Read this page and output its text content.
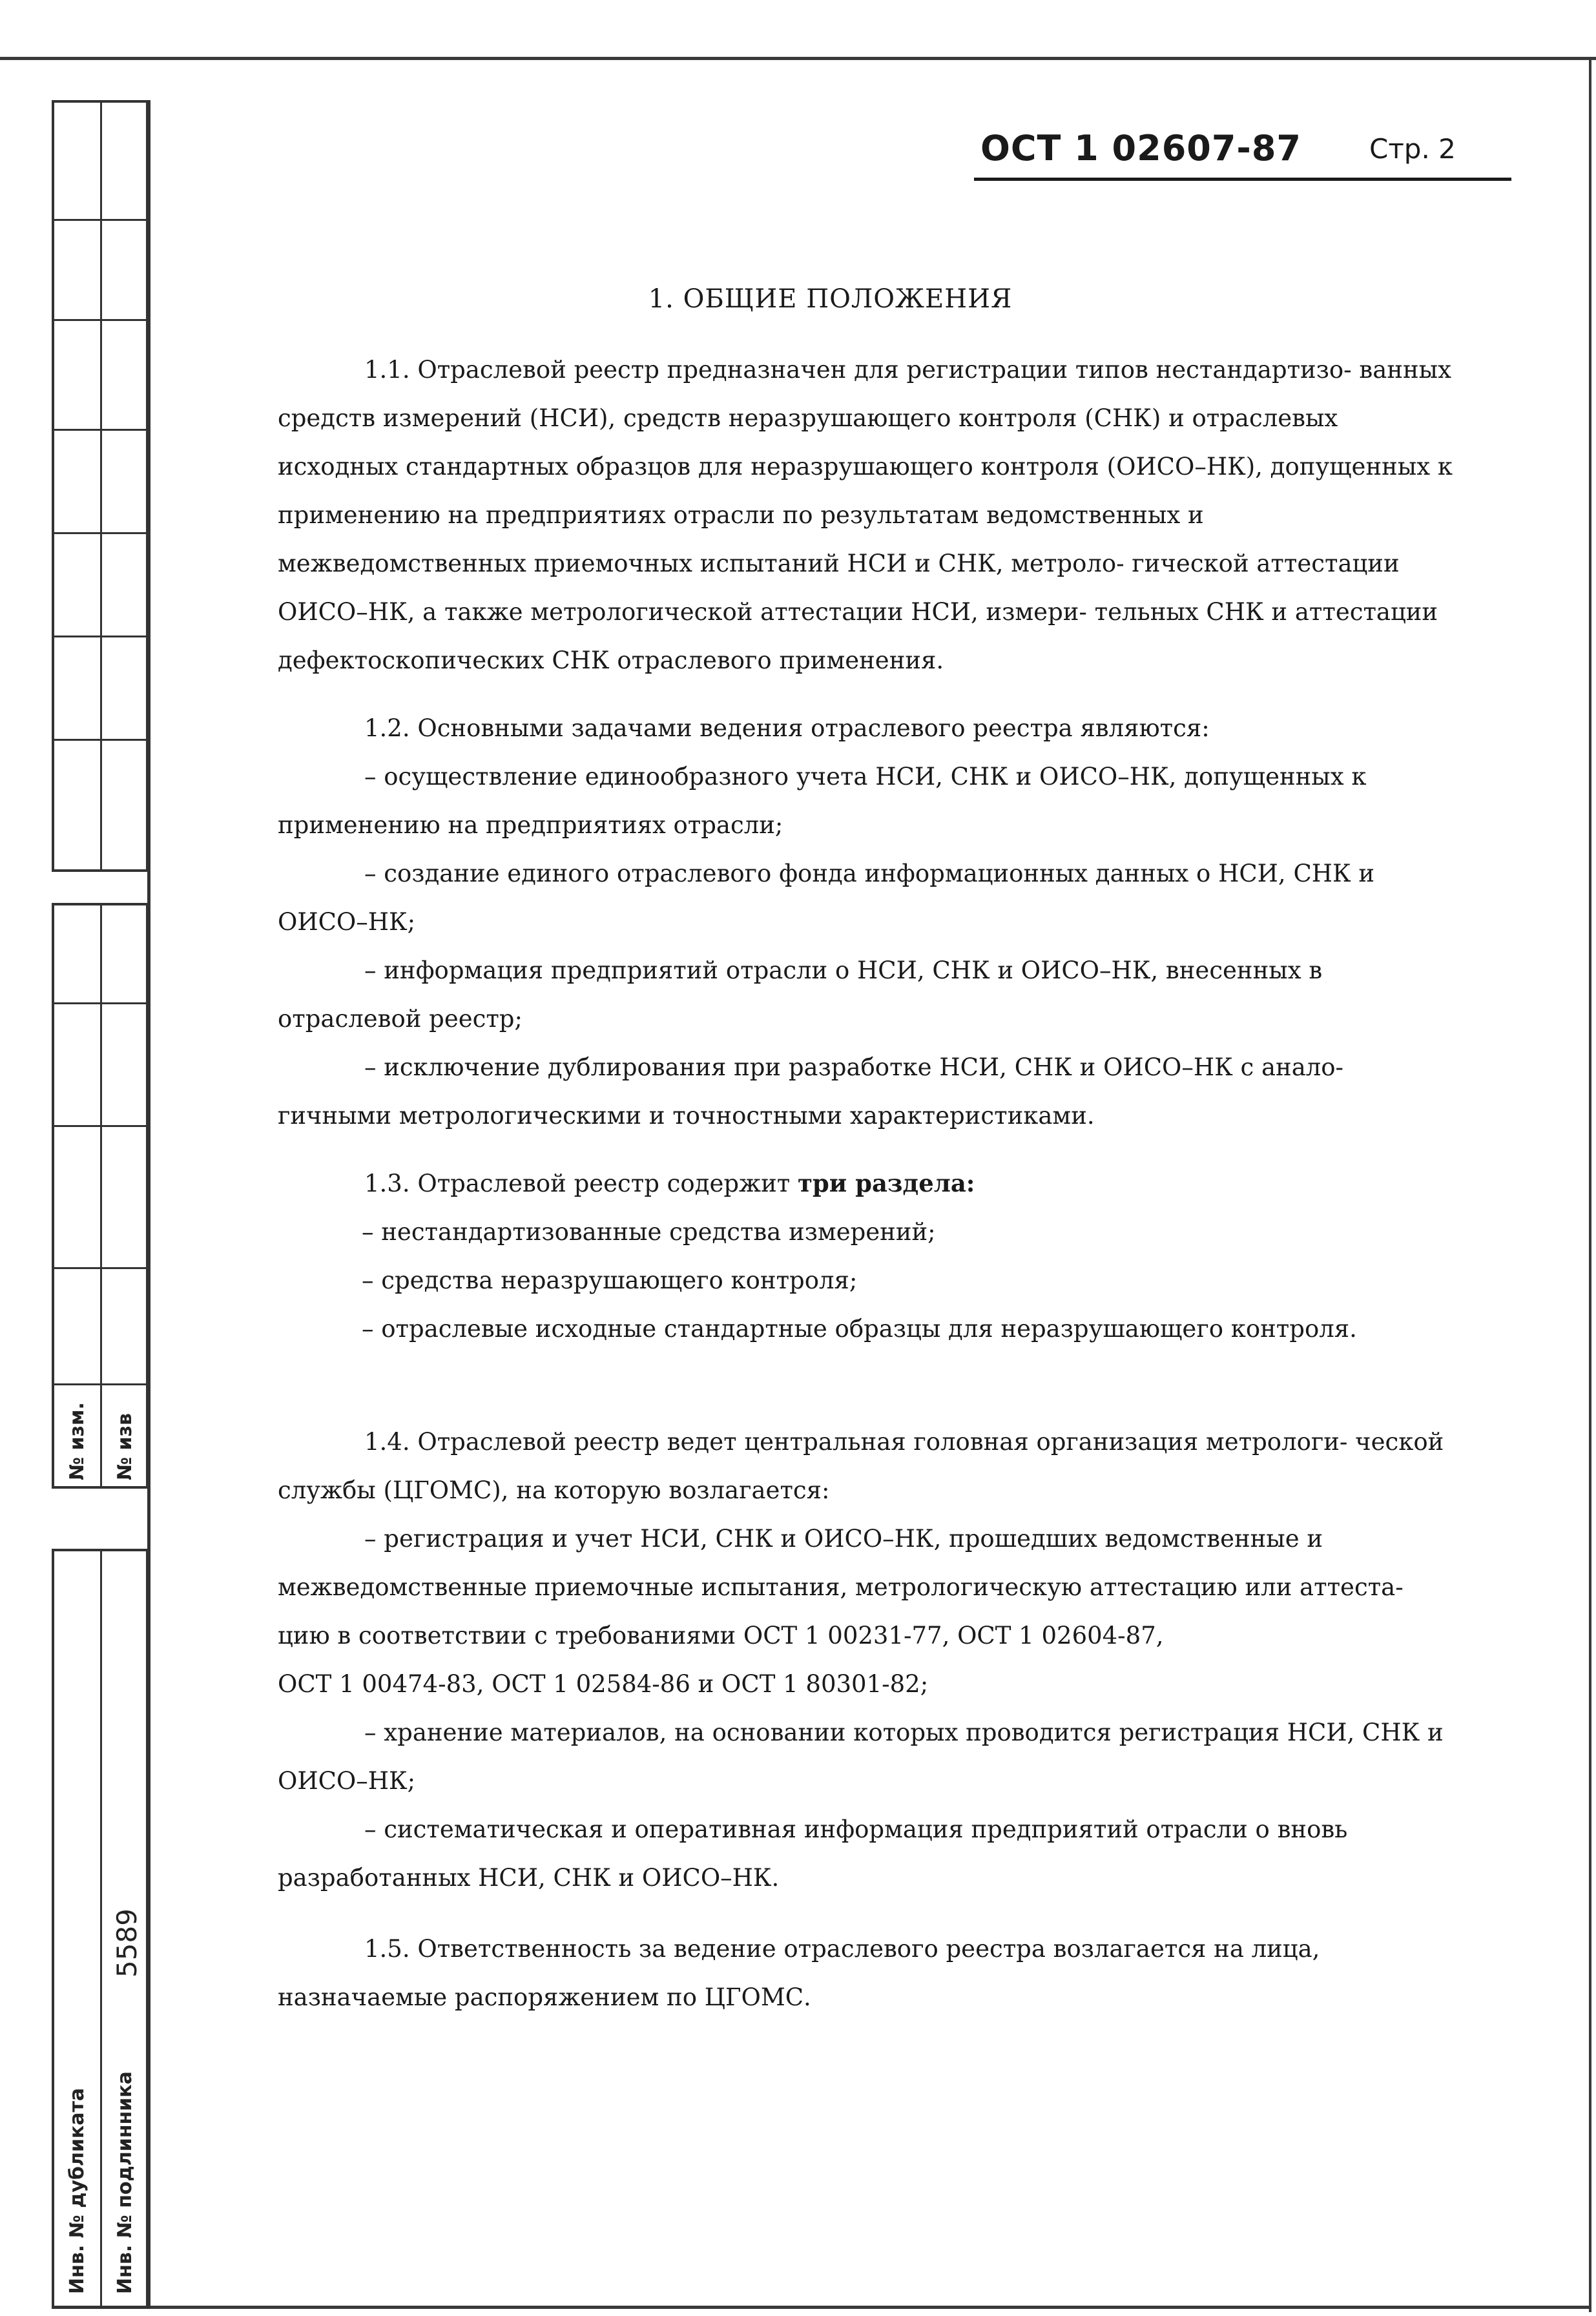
№ изм. № изв
5589
Инв. № дубликата Инв. № подлинника
ОСТ 1 02607-87	Стр. 2
1. ОБЩИЕ ПОЛОЖЕНИЯ

1.1. Отраслевой реестр предназначен для регистрации типов нестандартизо- ванных средств измерений (НСИ), средств неразрушающего контроля (СНК) и отраслевых исходных стандартных образцов для неразрушающего контроля (ОИСО–НК), допущенных к применению на предприятиях отрасли по результатам ведомственных и межведомственных приемочных испытаний НСИ и СНК, метроло- гической аттестации ОИСО–НК, а также метрологической аттестации НСИ, измери- тельных СНК и аттестации дефектоскопических СНК отраслевого применения.

1.2. Основными задачами ведения отраслевого реестра являются:

– осуществление единообразного учета НСИ, СНК и ОИСО–НК, допущенных к применению на предприятиях отрасли;

– создание единого отраслевого фонда информационных данных о НСИ, СНК и ОИСО–НК;

– информация предприятий отрасли о НСИ, СНК и ОИСО–НК, внесенных в отраслевой реестр;

– исключение дублирования при разработке НСИ, СНК и ОИСО–НК с анало- гичными метрологическими и точностными характеристиками.

1.3. Отраслевой реестр содержит три раздела:

– нестандартизованные средства измерений;

– средства неразрушающего контроля;

– отраслевые исходные стандартные образцы для неразрушающего контроля.

1.4. Отраслевой реестр ведет центральная головная организация метрологи- ческой службы (ЦГОМС), на которую возлагается:

– регистрация и учет НСИ, СНК и ОИСО–НК, прошедших ведомственные и межведомственные приемочные испытания, метрологическую аттестацию или аттеста- цию в соответствии с требованиями ОСТ 1 00231-77, ОСТ 1 02604-87,

ОСТ 1 00474-83, ОСТ 1 02584-86 и ОСТ 1 80301-82;

– хранение материалов, на основании которых проводится регистрация НСИ, СНК и ОИСО–НК;

– систематическая и оперативная информация предприятий отрасли о вновь разработанных НСИ, СНК и ОИСО–НК.

1.5. Ответственность за ведение отраслевого реестра возлагается на лица, назначаемые распоряжением по ЦГОМС.
